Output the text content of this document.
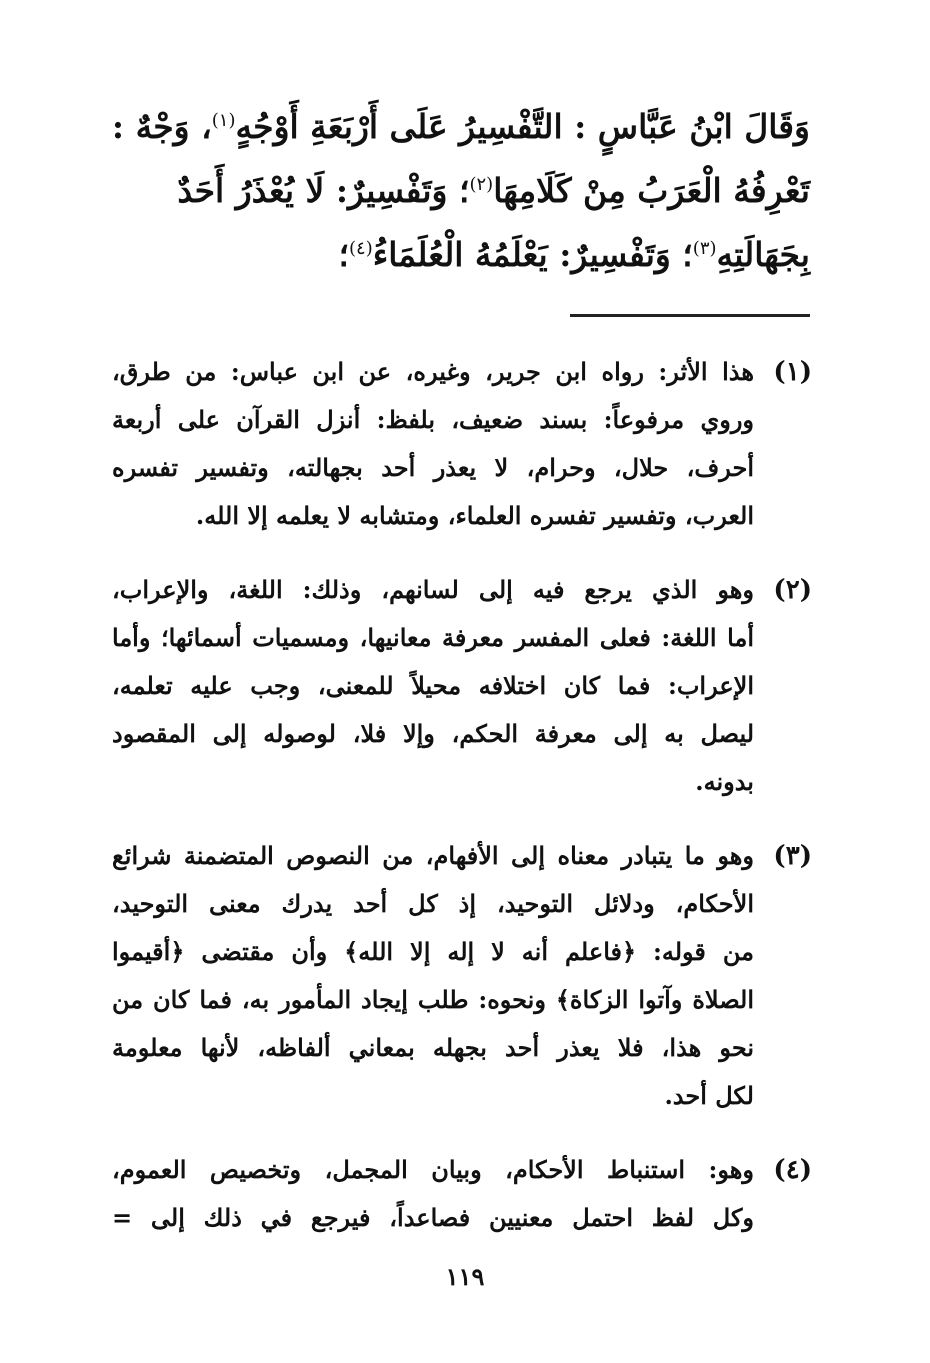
وَقَالَ ابْنُ عَبَّاسٍ : التَّفْسِيرُ عَلَى أَرْبَعَةِ أَوْجُهٍ$^{(١)}$، وَجْهٌ :
تَعْرِفُهُ الْعَرَبُ مِنْ كَلَامِهَا$^{(٢)}$؛ وَتَفْسِيرٌ: لَا يُعْذَرُ أَحَدٌ
بِجَهَالَتِهِ$^{(٣)}$؛ وَتَفْسِيرٌ: يَعْلَمُهُ الْعُلَمَاءُ$^{(٤)}$؛
(١)
هذا الأثر: رواه ابن جرير، وغيره، عن ابن عباس: من طرق،
وروي مرفوعاً: بسند ضعيف، بلفظ: أنزل القرآن على أربعة
أحرف، حلال، وحرام، لا يعذر أحد بجهالته، وتفسير تفسره
العرب، وتفسير تفسره العلماء، ومتشابه لا يعلمه إلا الله.
(٢)
وهو الذي يرجع فيه إلى لسانهم، وذلك: اللغة، والإعراب،
أما اللغة: فعلى المفسر معرفة معانيها، ومسميات أسمائها؛ وأما
الإعراب: فما كان اختلافه محيلاً للمعنى، وجب عليه تعلمه،
ليصل به إلى معرفة الحكم، وإلا فلا، لوصوله إلى المقصود
بدونه.
(٣)
وهو ما يتبادر معناه إلى الأفهام، من النصوص المتضمنة شرائع
الأحكام، ودلائل التوحيد، إذ كل أحد يدرك معنى التوحيد،
من قوله: ﴿فاعلم أنه لا إله إلا الله﴾ وأن مقتضى ﴿أقيموا
الصلاة وآتوا الزكاة﴾ ونحوه: طلب إيجاد المأمور به، فما كان من
نحو هذا، فلا يعذر أحد بجهله بمعاني ألفاظه، لأنها معلومة
لكل أحد.
(٤)
وهو: استنباط الأحكام، وبيان المجمل، وتخصيص العموم،
وكل لفظ احتمل معنيين فصاعداً، فيرجع في ذلك إلى =
١١٩
